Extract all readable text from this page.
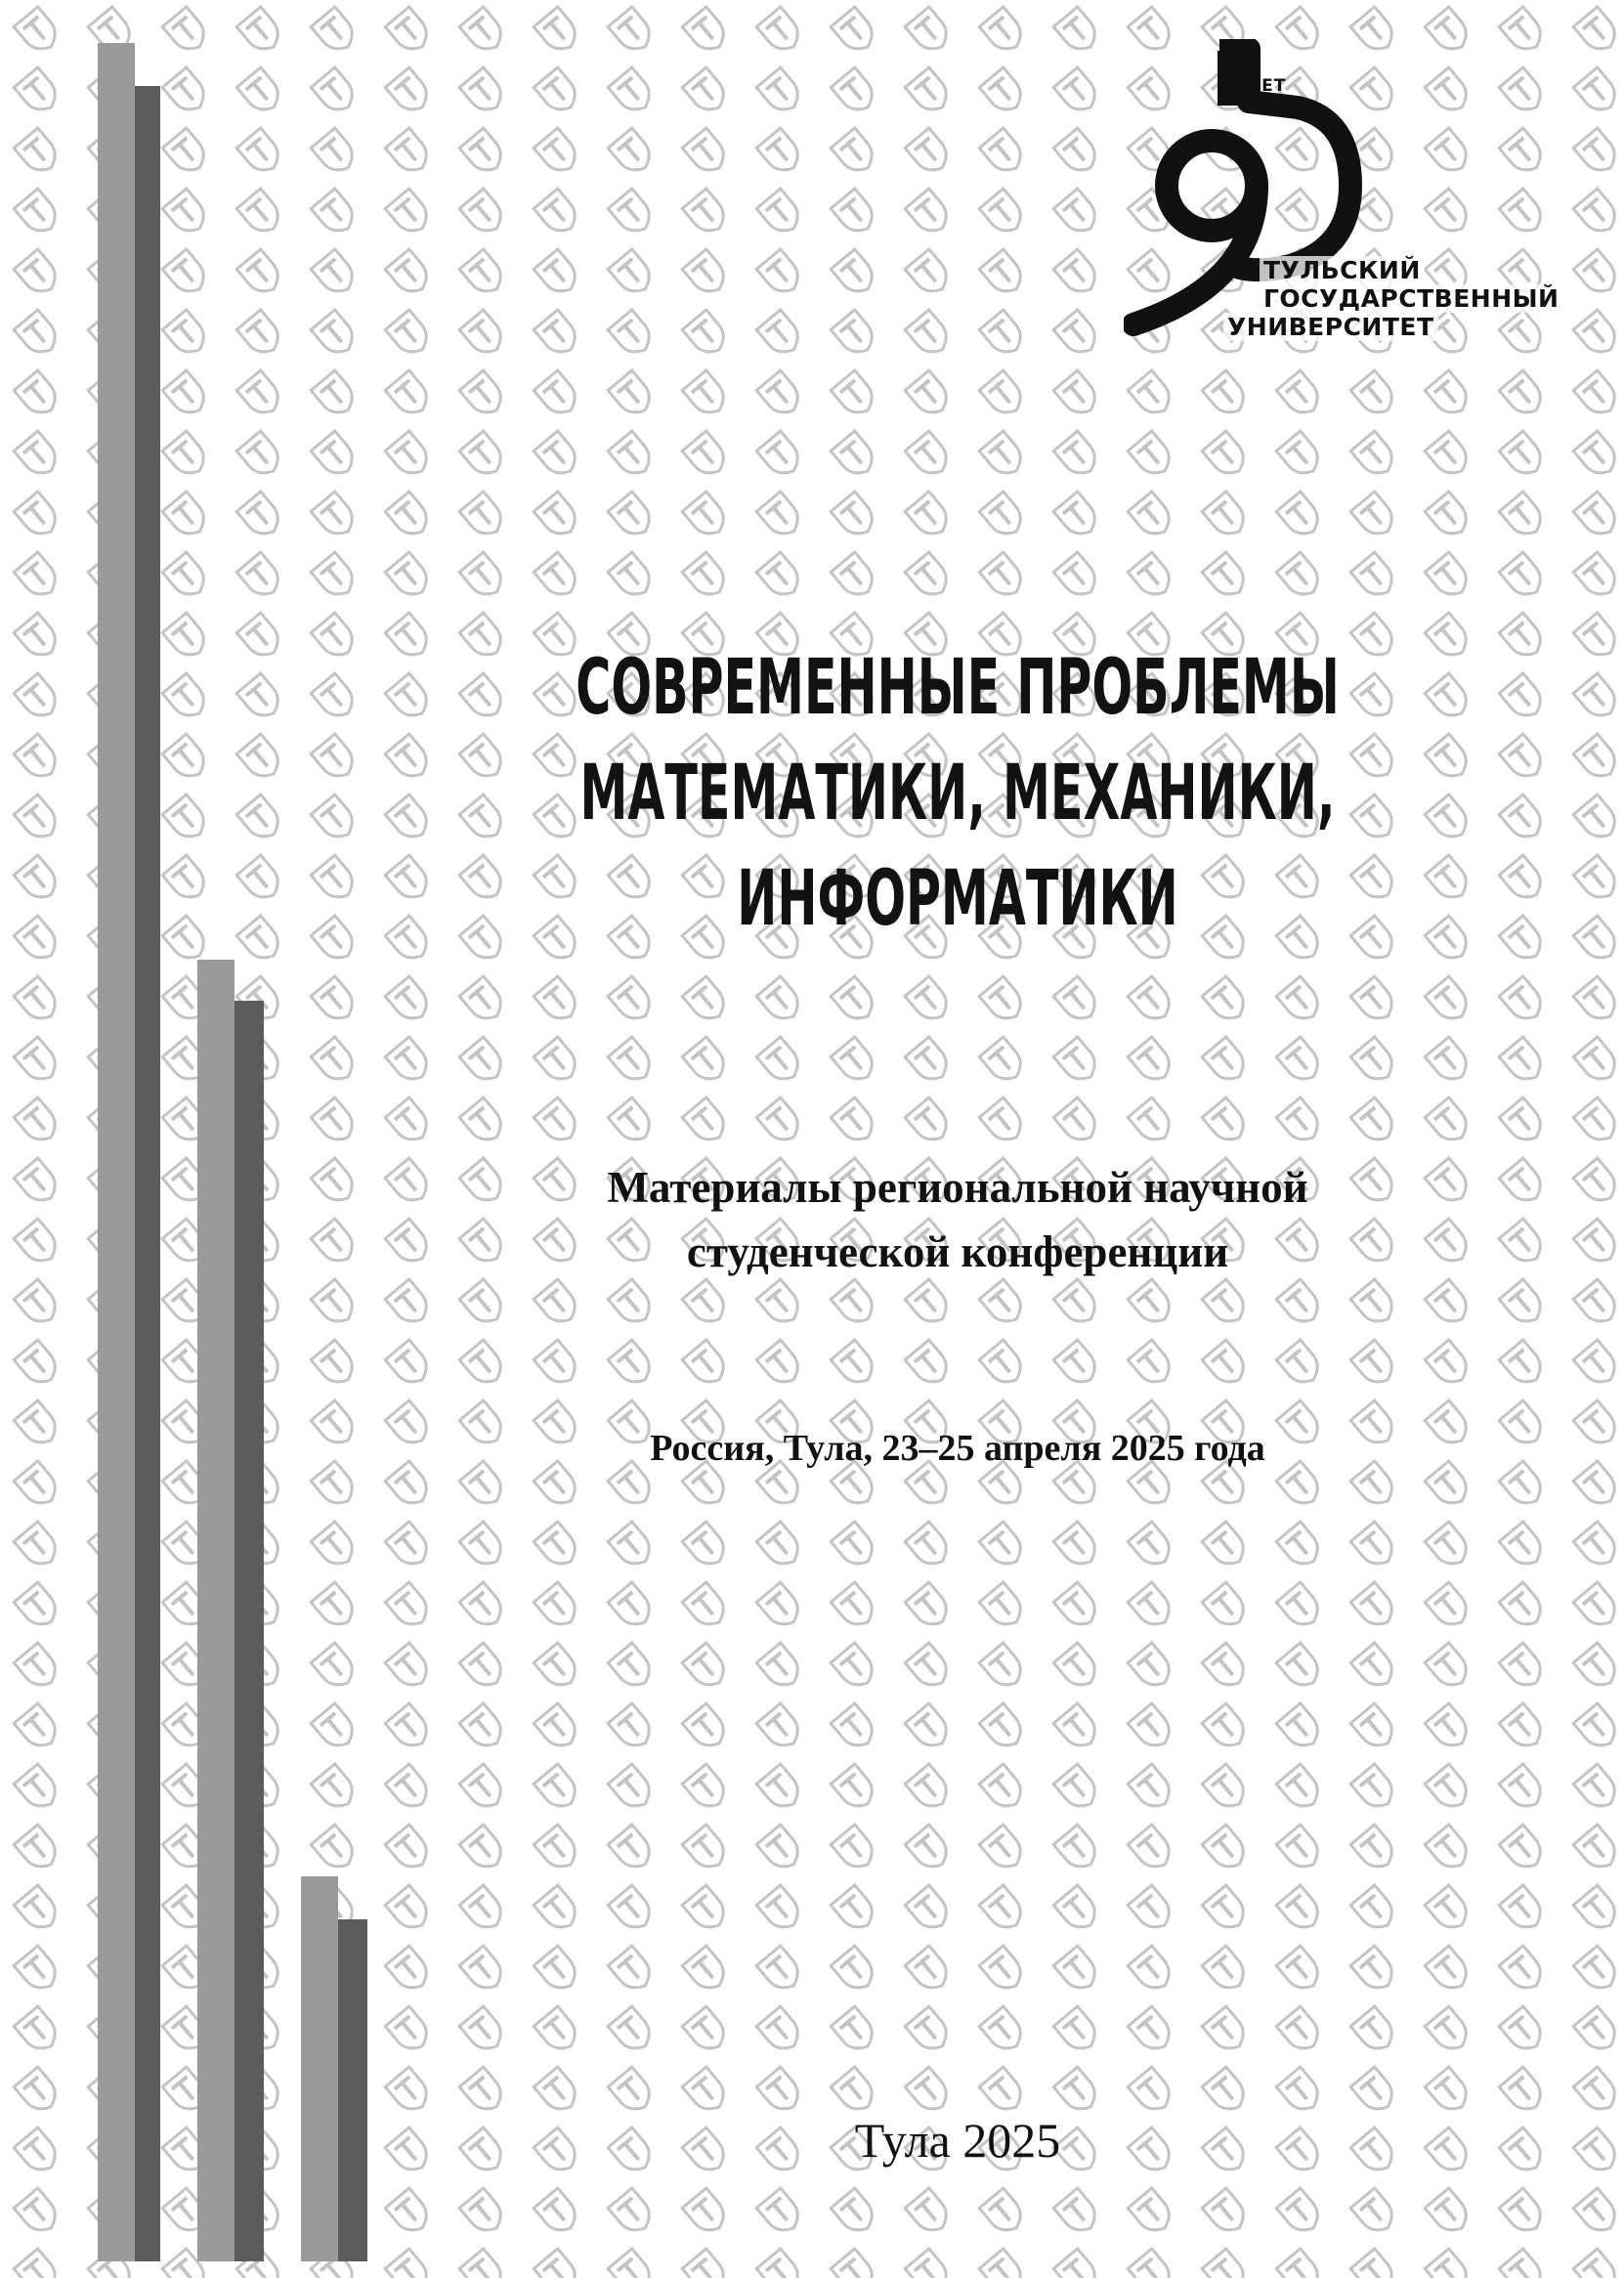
ЛЕТ
ТУЛЬСКИЙ
ГОСУДАРСТВЕННЫЙ
УНИВЕРСИТЕТ
СОВРЕМЕННЫЕ ПРОБЛЕМЫ
МАТЕМАТИКИ, МЕХАНИКИ,
ИНФОРМАТИКИ
Материалы региональной научной
студенческой конференции

Россия, Тула, 23–25 апреля 2025 года

Тула 2025
